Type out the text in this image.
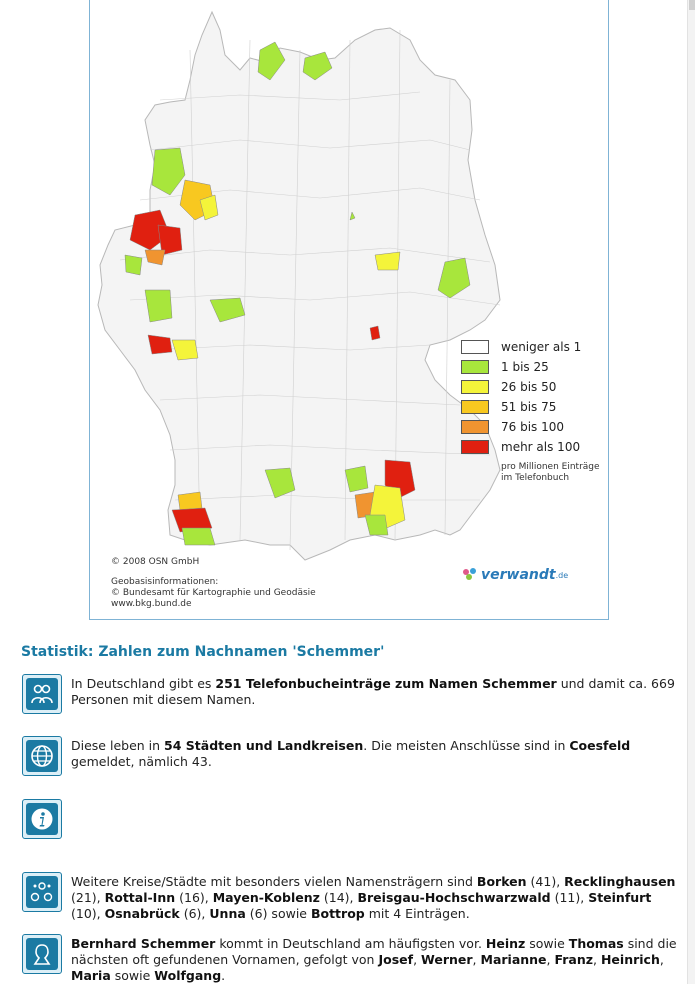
weniger als 1
1 bis 25
26 bis 50
51 bis 75
76 bis 100
mehr als 100
pro Millionen Einträge
im Telefonbuch
© 2008 OSN GmbH
Geobasisinformationen:
© Bundesamt für Kartographie und Geodäsie
www.bkg.bund.de
verwandt .de
Statistik: Zahlen zum Nachnamen 'Schemmer'
In Deutschland gibt es 251 Telefonbucheinträge zum Namen Schemmer und damit ca. 669 Personen mit diesem Namen.
Diese leben in 54 Städten und Landkreisen. Die meisten Anschlüsse sind in Coesfeld gemeldet, nämlich 43.
Weitere Kreise/Städte mit besonders vielen Namensträgern sind Borken (41), Recklinghausen (21), Rottal-Inn (16), Mayen-Koblenz (14), Breisgau-Hochschwarzwald (11), Steinfurt (10), Osnabrück (6), Unna (6) sowie Bottrop mit 4 Einträgen.
Bernhard Schemmer kommt in Deutschland am häufigsten vor. Heinz sowie Thomas sind die nächsten oft gefundenen Vornamen, gefolgt von Josef, Werner, Marianne, Franz, Heinrich, Maria sowie Wolfgang.
